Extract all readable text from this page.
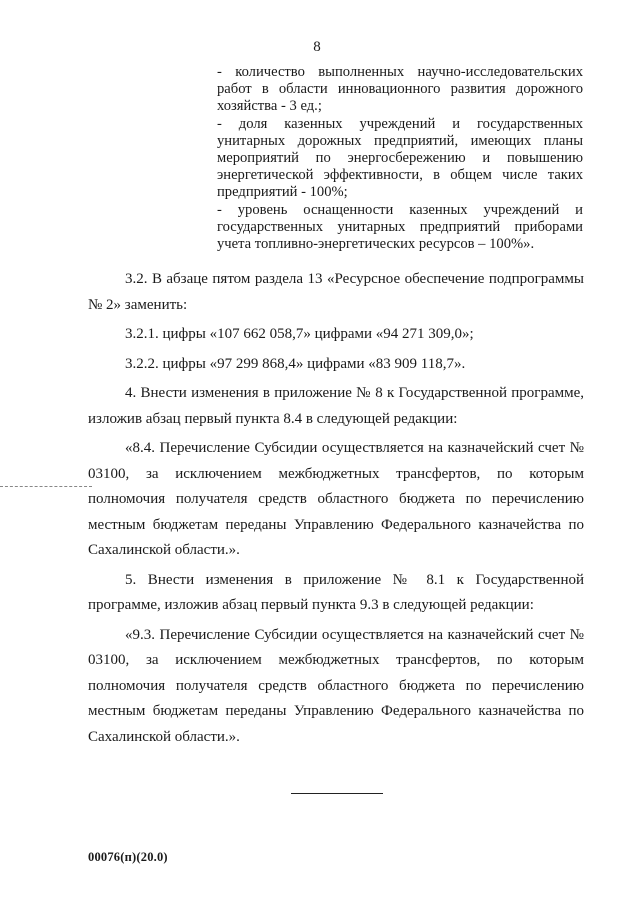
8

- количество выполненных научно-исследовательских работ в области инновационного развития дорожного хозяйства - 3 ед.;

- доля казенных учреждений и государственных унитарных дорожных предприятий, имеющих планы мероприятий по энергосбережению и повышению энергетической эффективности, в общем числе таких предприятий - 100%;

- уровень оснащенности казенных учреждений и государственных унитарных предприятий приборами учета топливно-энергетических ресурсов – 100%».

3.2. В абзаце пятом раздела 13 «Ресурсное обеспечение подпрограммы № 2» заменить:

3.2.1. цифры «107 662 058,7» цифрами «94 271 309,0»;

3.2.2. цифры «97 299 868,4» цифрами «83 909 118,7».

4. Внести изменения в приложение № 8 к Государственной программе, изложив абзац первый пункта 8.4 в следующей редакции:

«8.4. Перечисление Субсидии осуществляется на казначейский счет № 03100, за исключением межбюджетных трансфертов, по которым полномочия получателя средств областного бюджета по перечислению местным бюджетам переданы Управлению Федерального казначейства по Сахалинской области.».

5. Внести изменения в приложение № 8.1 к Государственной программе, изложив абзац первый пункта 9.3 в следующей редакции:

«9.3. Перечисление Субсидии осуществляется на казначейский счет № 03100, за исключением межбюджетных трансфертов, по которым полномочия получателя средств областного бюджета по перечислению местным бюджетам переданы Управлению Федерального казначейства по Сахалинской области.».

00076(п)(20.0)
